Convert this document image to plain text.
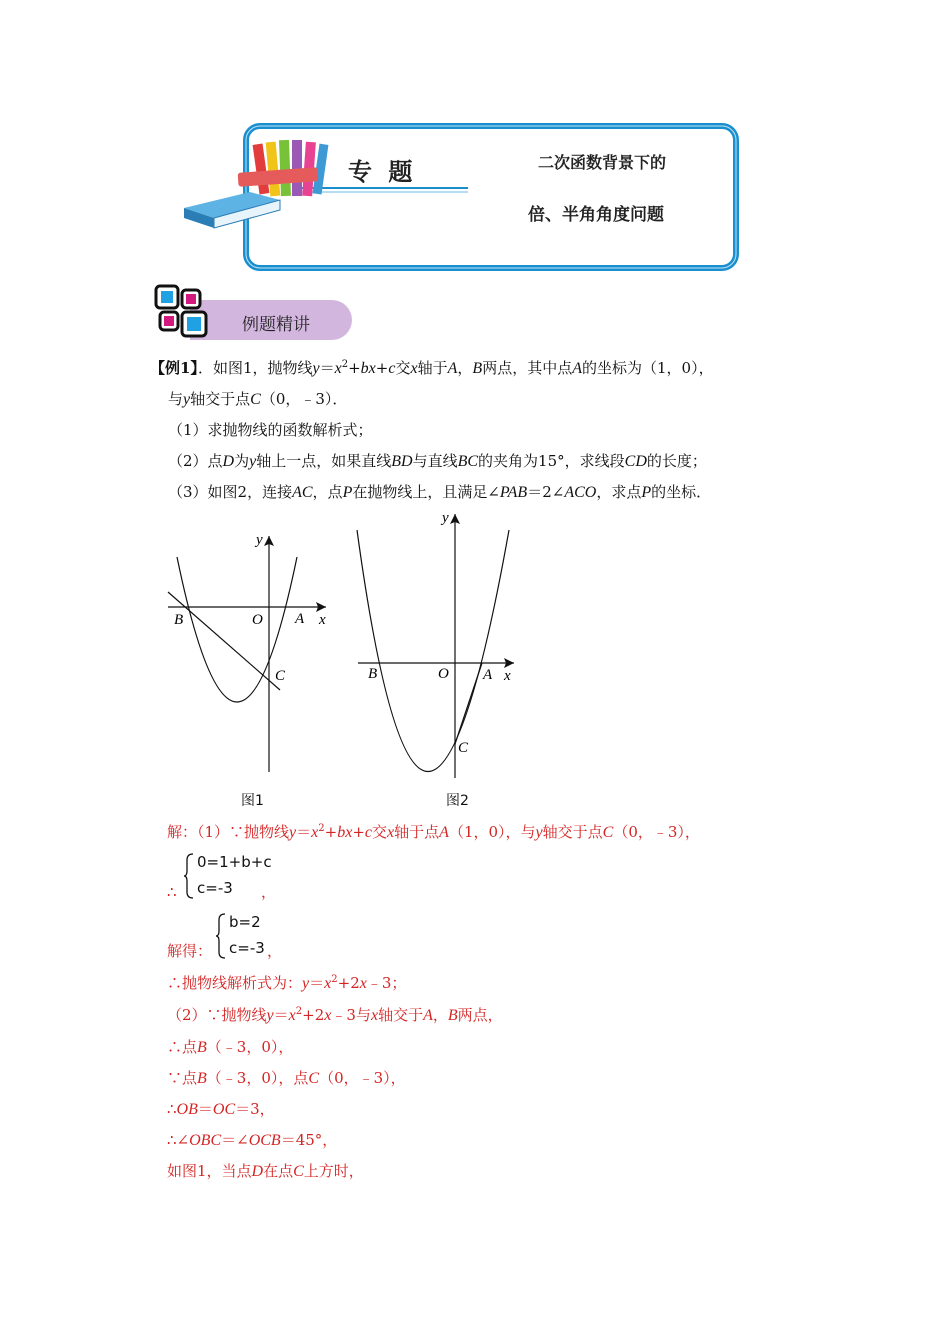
专 题	二次函数背景下的
倍、半角角度问题
例题精讲
【例1】．如图1，抛物线$y=x^2+bx+c$交x轴于A，B两点，其中点A的坐标为（1，0），
与y轴交于点C（0，﹣3）．
（1）求抛物线的函数解析式；
（2）点D为y轴上一点，如果直线BD与直线BC的夹角为15°，求线段CD的长度；
（3）如图2，连接AC，点P在抛物线上，且满足∠PAB＝2∠ACO，求点P的坐标．
y
x
O A
B
C
图1
y
x
O A
B
C
图2
解：（1）∵抛物线$y=x^2+bx+c$交x轴于点A（1，0），与y轴交于点C（0，﹣3），
∴
0=1+b+c
c=-3 ，
解得：
b=2
c=-3 ，
∴抛物线解析式为：$y=x^2+2x﹣3$；
（2）∵抛物线$y=x^2+2x﹣3$与x轴交于A，B两点，
∴点B（﹣3，0），
∵点B（﹣3，0），点C（0，﹣3），
∴OB＝OC＝3，
∴∠OBC＝∠OCB＝45°，
如图1，当点D在点C上方时，
